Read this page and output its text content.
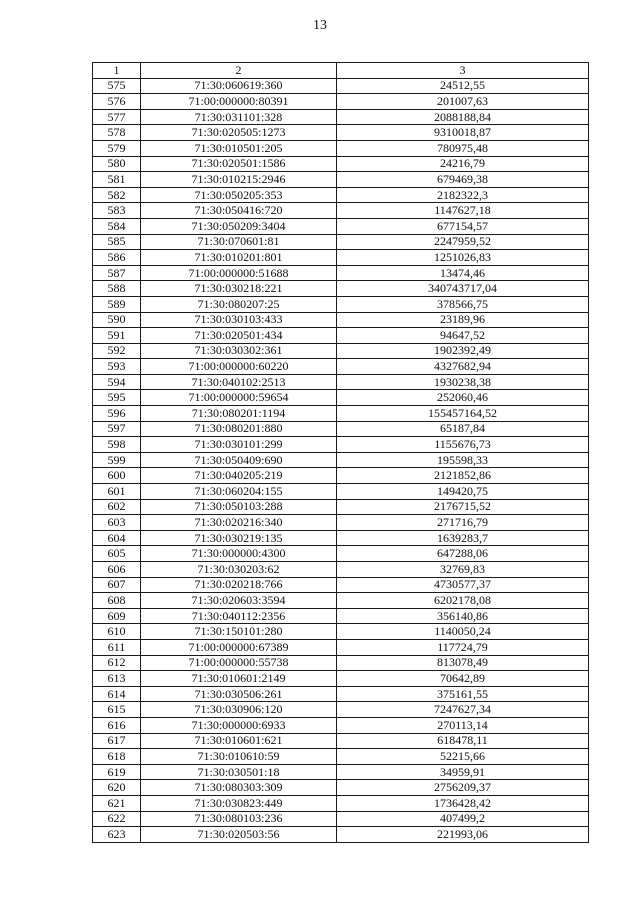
13
1	2	3
575	71:30:060619:360	24512,55
576	71:00:000000:80391	201007,63
577	71:30:031101:328	2088188,84
578	71:30:020505:1273	9310018,87
579	71:30:010501:205	780975,48
580	71:30:020501:1586	24216,79
581	71:30:010215:2946	679469,38
582	71:30:050205:353	2182322,3
583	71:30:050416:720	1147627,18
584	71:30:050209:3404	677154,57
585	71:30:070601:81	2247959,52
586	71:30:010201:801	1251026,83
587	71:00:000000:51688	13474,46
588	71:30:030218:221	340743717,04
589	71:30:080207:25	378566,75
590	71:30:030103:433	23189,96
591	71:30:020501:434	94647,52
592	71:30:030302:361	1902392,49
593	71:00:000000:60220	4327682,94
594	71:30:040102:2513	1930238,38
595	71:00:000000:59654	252060,46
596	71:30:080201:1194	155457164,52
597	71:30:080201:880	65187,84
598	71:30:030101:299	1155676,73
599	71:30:050409:690	195598,33
600	71:30:040205:219	2121852,86
601	71:30:060204:155	149420,75
602	71:30:050103:288	2176715,52
603	71:30:020216:340	271716,79
604	71:30:030219:135	1639283,7
605	71:30:000000:4300	647288,06
606	71:30:030203:62	32769,83
607	71:30:020218:766	4730577,37
608	71:30:020603:3594	6202178,08
609	71:30:040112:2356	356140,86
610	71:30:150101:280	1140050,24
611	71:00:000000:67389	117724,79
612	71:00:000000:55738	813078,49
613	71:30:010601:2149	70642,89
614	71:30:030506:261	375161,55
615	71:30:030906:120	7247627,34
616	71:30:000000:6933	270113,14
617	71:30:010601:621	618478,11
618	71:30:010610:59	52215,66
619	71:30:030501:18	34959,91
620	71:30:080303:309	2756209,37
621	71:30:030823:449	1736428,42
622	71:30:080103:236	407499,2
623	71:30:020503:56	221993,06
